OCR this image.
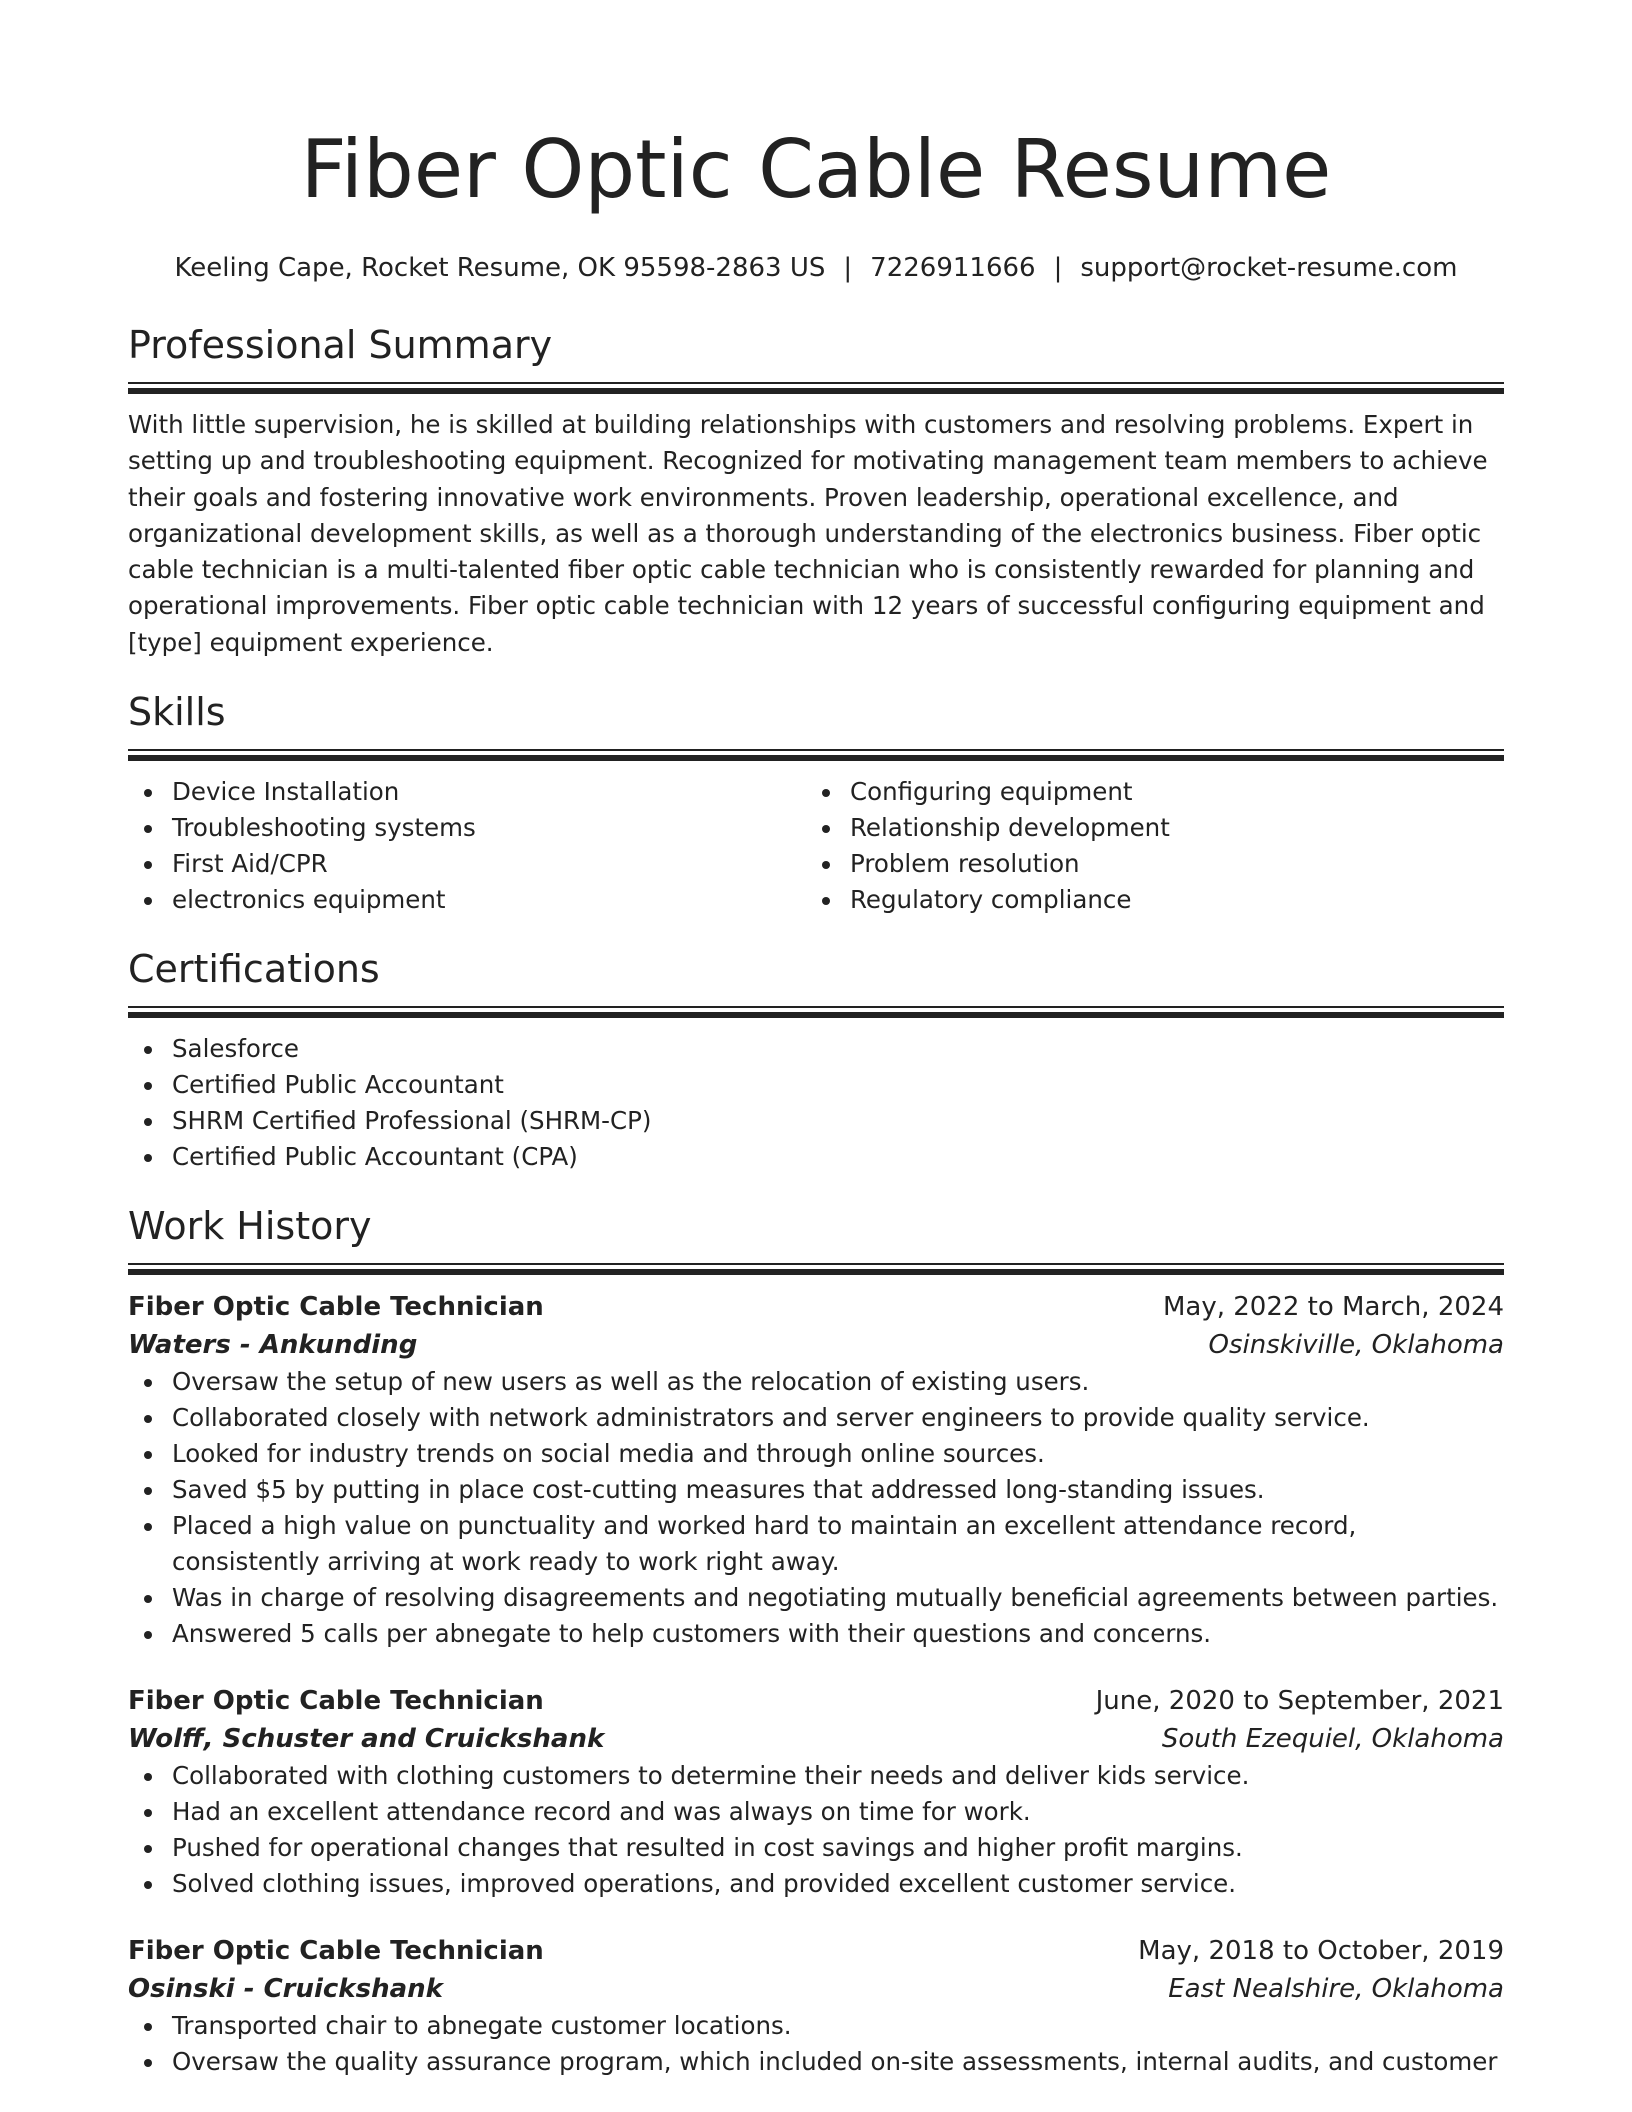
Fiber Optic Cable Resume
Keeling Cape, Rocket Resume, OK 95598-2863 US | 7226911666 | support@rocket-resume.com
Professional Summary

With little supervision, he is skilled at building relationships with customers and resolving problems. Expert in setting up and troubleshooting equipment. Recognized for motivating management team members to achieve their goals and fostering innovative work environments. Proven leadership, operational excellence, and organizational development skills, as well as a thorough understanding of the electronics business. Fiber optic cable technician is a multi-talented fiber optic cable technician who is consistently rewarded for planning and operational improvements. Fiber optic cable technician with 12 years of successful configuring equipment and [type] equipment experience.

Skills
Device Installation
Troubleshooting systems
First Aid/CPR
electronics equipment
Configuring equipment
Relationship development
Problem resolution
Regulatory compliance
Certifications
Salesforce
Certified Public Accountant
SHRM Certified Professional (SHRM-CP)
Certified Public Accountant (CPA)
Work History
Fiber Optic Cable Technician	May, 2022 to March, 2024
Waters - Ankunding	Osinskiville, Oklahoma
Oversaw the setup of new users as well as the relocation of existing users.
Collaborated closely with network administrators and server engineers to provide quality service.
Looked for industry trends on social media and through online sources.
Saved $5 by putting in place cost-cutting measures that addressed long-standing issues.
Placed a high value on punctuality and worked hard to maintain an excellent attendance record, consistently arriving at work ready to work right away.
Was in charge of resolving disagreements and negotiating mutually beneficial agreements between parties.
Answered 5 calls per abnegate to help customers with their questions and concerns.
Fiber Optic Cable Technician	June, 2020 to September, 2021
Wolff, Schuster and Cruickshank	South Ezequiel, Oklahoma
Collaborated with clothing customers to determine their needs and deliver kids service.
Had an excellent attendance record and was always on time for work.
Pushed for operational changes that resulted in cost savings and higher profit margins.
Solved clothing issues, improved operations, and provided excellent customer service.
Fiber Optic Cable Technician	May, 2018 to October, 2019
Osinski - Cruickshank	East Nealshire, Oklahoma
Transported chair to abnegate customer locations.
Oversaw the quality assurance program, which included on-site assessments, internal audits, and customer
